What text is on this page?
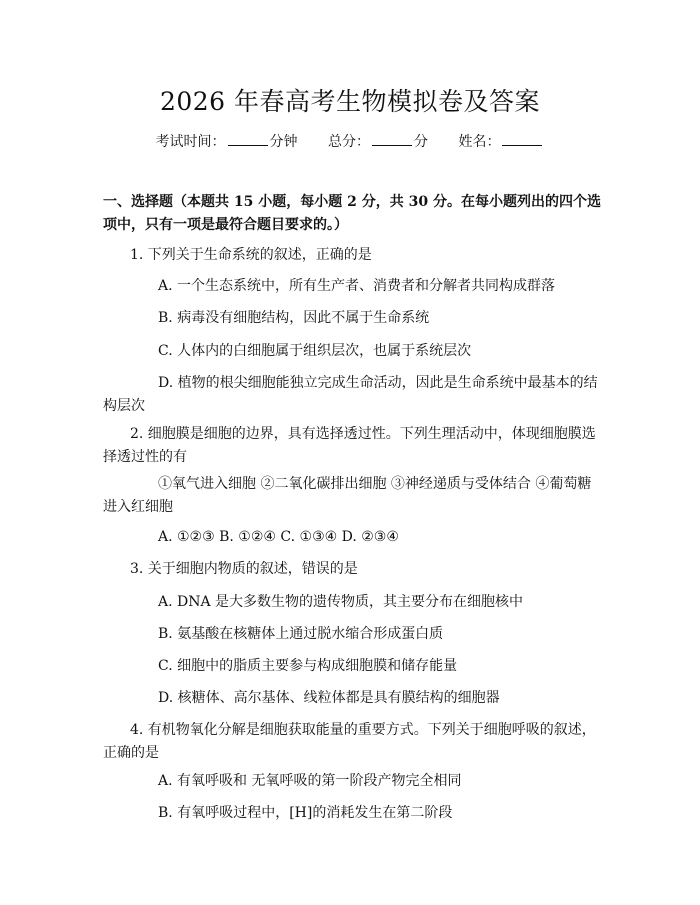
2026 年春高考生物模拟卷及答案
考试时间：	分钟 总分：	分 姓名：
一、选择题（本题共 15 小题，每小题 2 分，共 30 分。在每小题列出的四个选项中，只有一项是最符合题目要求的。）
1. 下列关于生命系统的叙述，正确的是
A. 一个生态系统中，所有生产者、消费者和分解者共同构成群落
B. 病毒没有细胞结构，因此不属于生命系统
C. 人体内的白细胞属于组织层次，也属于系统层次
D. 植物的根尖细胞能独立完成生命活动，因此是生命系统中最基本的结构层次
2. 细胞膜是细胞的边界，具有选择透过性。下列生理活动中，体现细胞膜选择透过性的有
①氧气进入细胞 ②二氧化碳排出细胞 ③神经递质与受体结合 ④葡萄糖进入红细胞
A. ①②③ B. ①②④ C. ①③④ D. ②③④
3. 关于细胞内物质的叙述，错误的是
A. DNA 是大多数生物的遗传物质，其主要分布在细胞核中
B. 氨基酸在核糖体上通过脱水缩合形成蛋白质
C. 细胞中的脂质主要参与构成细胞膜和储存能量
D. 核糖体、高尔基体、线粒体都是具有膜结构的细胞器
4. 有机物氧化分解是细胞获取能量的重要方式。下列关于细胞呼吸的叙述，正确的是
A. 有氧呼吸和 无氧呼吸的第一阶段产物完全相同
B. 有氧呼吸过程中，[H]的消耗发生在第二阶段
